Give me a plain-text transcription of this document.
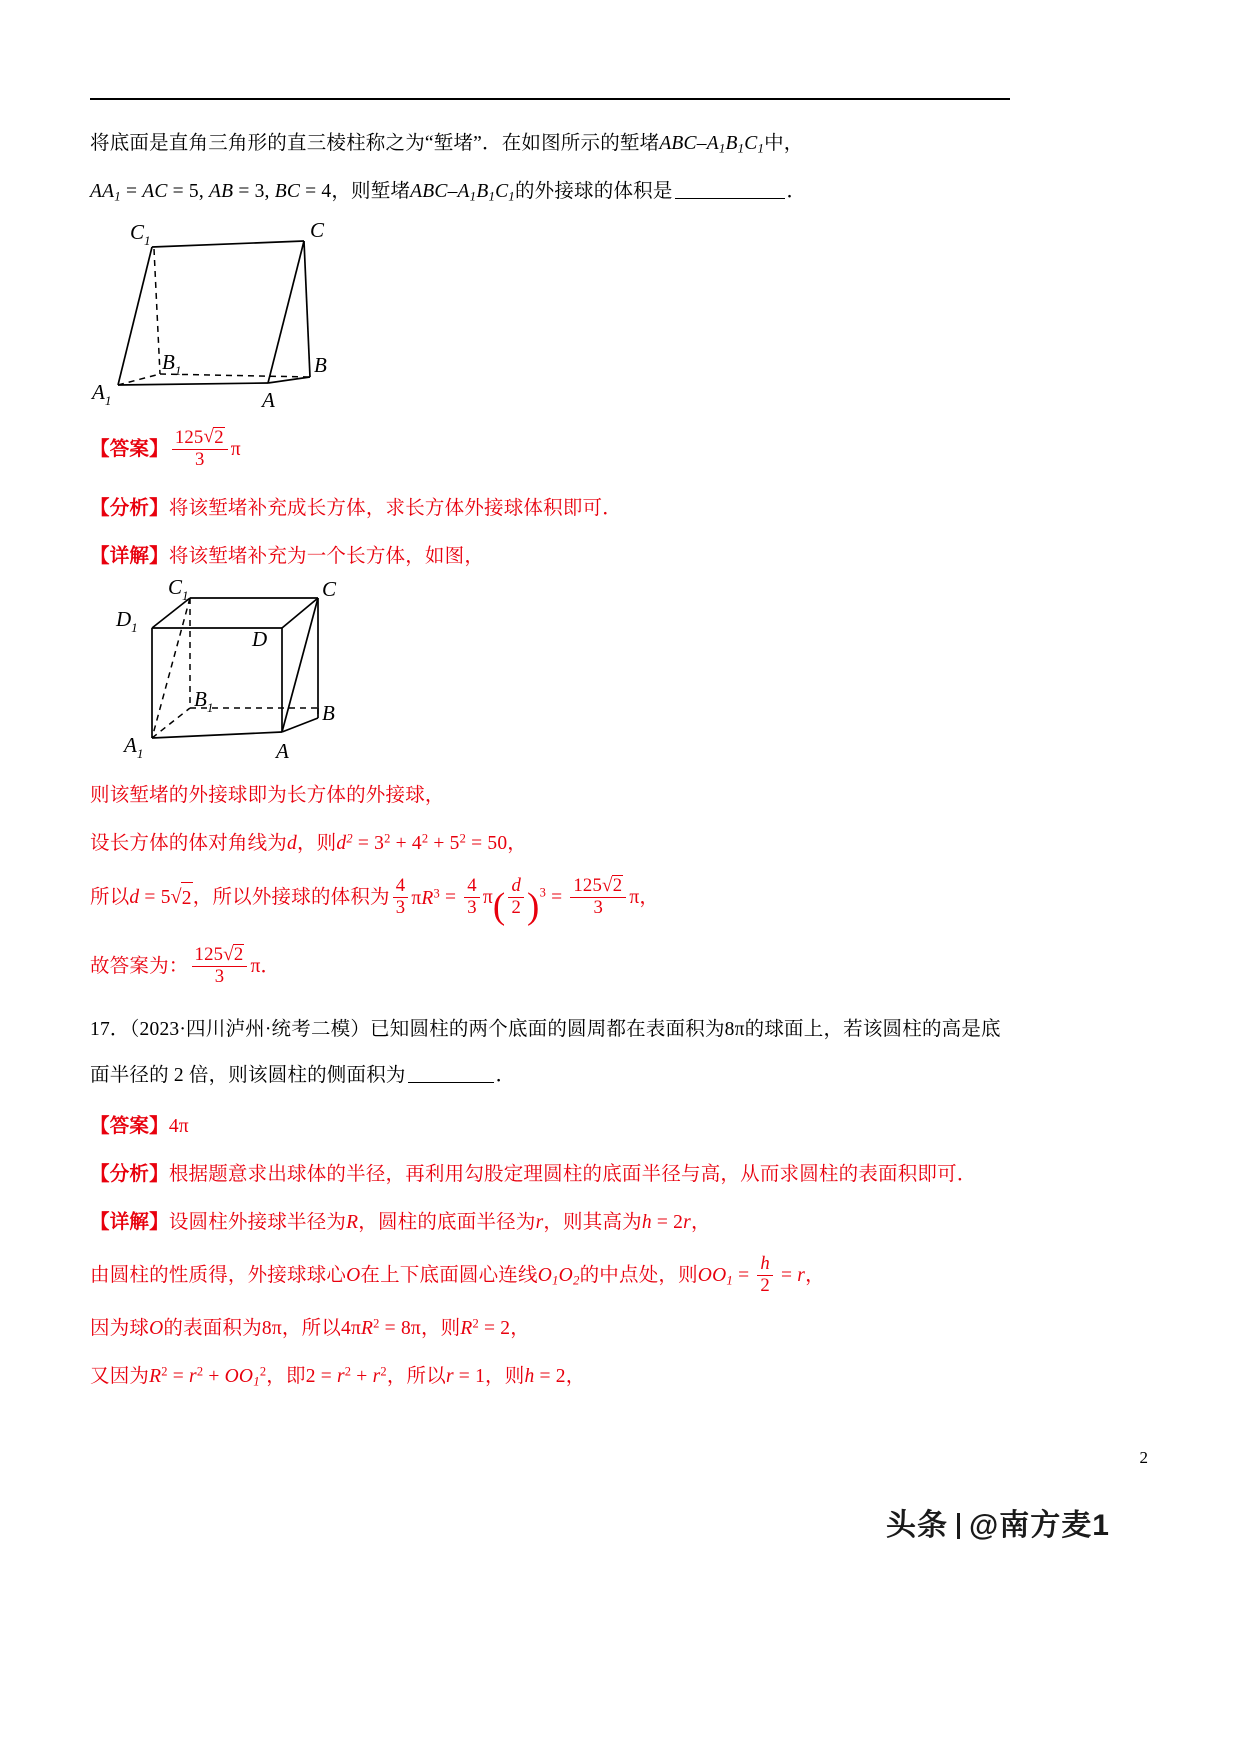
将底面是直角三角形的直三棱柱称之为“堑堵”．在如图所示的堑堵ABC–A1B1C1中，

AA1 = AC = 5, AB = 3, BC = 4，则堑堵ABC–A1B1C1的外接球的体积是	．

$C_1$	C
$B_1$	B
$A_1$	A

【答案】 $\frac{125 √ 2}{3}$ π

【分析】将该堑堵补充成长方体，求长方体外接球体积即可．

【详解】将该堑堵补充为一个长方体，如图，

$C_1$	C
$D_1$	D
$B_1$	B
$A_1$	A

则该堑堵的外接球即为长方体的外接球，

设长方体的体对角线为d，则$d^2 = 3^2 + 4^2 + 5^2 = 50$，

所以d = 5 √ 2，所以外接球的体积为 $\frac{4}{3} \pi R^3 = \frac{4}{3} \pi( \frac{d}{2} )^3 = \frac{125 √ 2}{3}$ π，

故答案为： $\frac{125 √ 2}{3}$ π．

17．（2023·四川泸州·统考二模）已知圆柱的两个底面的圆周都在表面积为8π的球面上，若该圆柱的高是底

面半径的 2 倍，则该圆柱的侧面积为	．

【答案】4π

【分析】根据题意求出球体的半径，再利用勾股定理圆柱的底面半径与高，从而求圆柱的表面积即可．

【详解】设圆柱外接球半径为R，圆柱的底面半径为r，则其高为h = 2r，

由圆柱的性质得，外接球球心O在上下底面圆心连线O1O2的中点处，则$OO1 = \frac{h}{2} = r$，

因为球O的表面积为8π，所以$4\pi R^2 = 8\pi$，则$R^2 = 2$，

又因为$R^2 = r^2 + OO1^2$，即$2 = r^2 + r^2$，所以r = 1，则h = 2，

2
头条 @南方麦1
